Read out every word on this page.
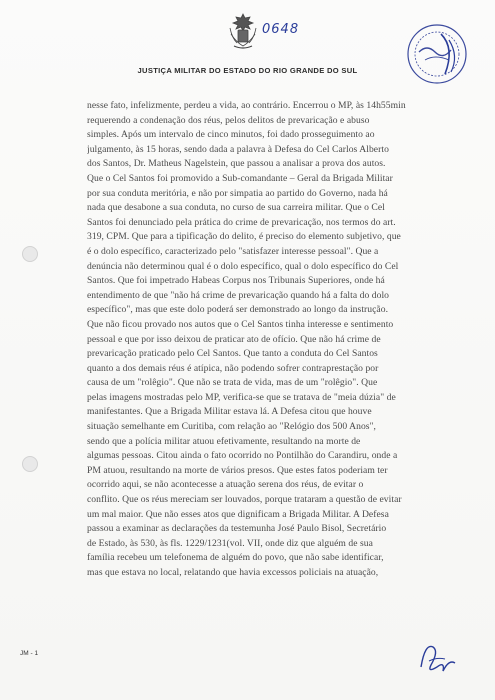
0648
JUSTIÇA MILITAR DO ESTADO DO RIO GRANDE DO SUL
nesse fato, infelizmente, perdeu a vida, ao contrário. Encerrou o MP, às 14h55min
requerendo a condenação dos réus, pelos delitos de prevaricação e abuso
simples. Após um intervalo de cinco minutos, foi dado prosseguimento ao
julgamento, às 15 horas, sendo dada a palavra à Defesa do Cel Carlos Alberto
dos Santos, Dr. Matheus Nagelstein, que passou a analisar a prova dos autos.
Que o Cel Santos foi promovido a Sub-comandante – Geral da Brigada Militar
por sua conduta meritória, e não por simpatia ao partido do Governo, nada há
nada que desabone a sua conduta, no curso de sua carreira militar. Que o Cel
Santos foi denunciado pela prática do crime de prevaricação, nos termos do art.
319, CPM. Que para a tipificação do delito, é preciso do elemento subjetivo, que
é o dolo específico, caracterizado pelo "satisfazer interesse pessoal". Que a
denúncia não determinou qual é o dolo específico, qual o dolo específico do Cel
Santos. Que foi impetrado Habeas Corpus nos Tribunais Superiores, onde há
entendimento de que "não há crime de prevaricação quando há a falta do dolo
específico", mas que este dolo poderá ser demonstrado ao longo da instrução.
Que não ficou provado nos autos que o Cel Santos tinha interesse e sentimento
pessoal e que por isso deixou de praticar ato de ofício. Que não há crime de
prevaricação praticado pelo Cel Santos. Que tanto a conduta do Cel Santos
quanto a dos demais réus é atípica, não podendo sofrer contraprestação por
causa de um "rolêgio". Que não se trata de vida, mas de um "rolêgio". Que
pelas imagens mostradas pelo MP, verifica-se que se tratava de "meia dúzia" de
manifestantes. Que a Brigada Militar estava lá. A Defesa citou que houve
situação semelhante em Curitiba, com relação ao "Relógio dos 500 Anos",
sendo que a polícia militar atuou efetivamente, resultando na morte de
algumas pessoas. Citou ainda o fato ocorrido no Pontilhão do Carandiru, onde a
PM atuou, resultando na morte de vários presos. Que estes fatos poderiam ter
ocorrido aqui, se não acontecesse a atuação serena dos réus, de evitar o
conflito. Que os réus mereciam ser louvados, porque trataram a questão de evitar
um mal maior. Que não esses atos que dignificam a Brigada Militar. A Defesa
passou a examinar as declarações da testemunha José Paulo Bisol, Secretário
de Estado, às 530, às fls. 1229/1231(vol. VII, onde diz que alguém de sua
família recebeu um telefonema de alguém do povo, que não sabe identificar,
mas que estava no local, relatando que havia excessos policiais na atuação,
JM - 1
